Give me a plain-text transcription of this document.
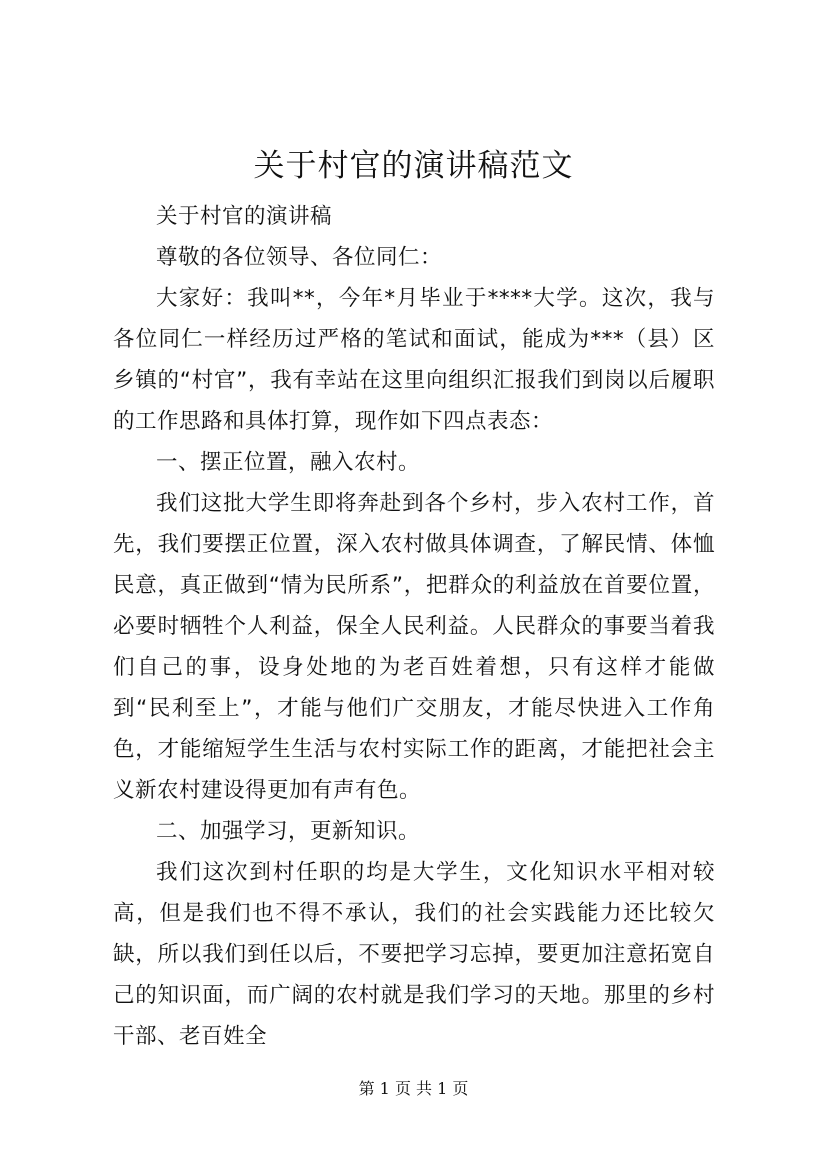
关于村官的演讲稿范文

关于村官的演讲稿

尊敬的各位领导、各位同仁：

大家好：我叫**，今年*月毕业于****大学。这次，我与各位同仁一样经历过严格的笔试和面试，能成为***（县）区乡镇的“村官”，我有幸站在这里向组织汇报我们到岗以后履职的工作思路和具体打算，现作如下四点表态：

一、摆正位置，融入农村。

我们这批大学生即将奔赴到各个乡村，步入农村工作，首先，我们要摆正位置，深入农村做具体调查，了解民情、体恤民意，真正做到“情为民所系”，把群众的利益放在首要位置，必要时牺牲个人利益，保全人民利益。人民群众的事要当着我们自己的事，设身处地的为老百姓着想，只有这样才能做到“民利至上”，才能与他们广交朋友，才能尽快进入工作角色，才能缩短学生生活与农村实际工作的距离，才能把社会主义新农村建设得更加有声有色。

二、加强学习，更新知识。

我们这次到村任职的均是大学生，文化知识水平相对较高，但是我们也不得不承认，我们的社会实践能力还比较欠缺，所以我们到任以后，不要把学习忘掉，要更加注意拓宽自己的知识面，而广阔的农村就是我们学习的天地。那里的乡村干部、老百姓全

第 1 页 共 1 页
